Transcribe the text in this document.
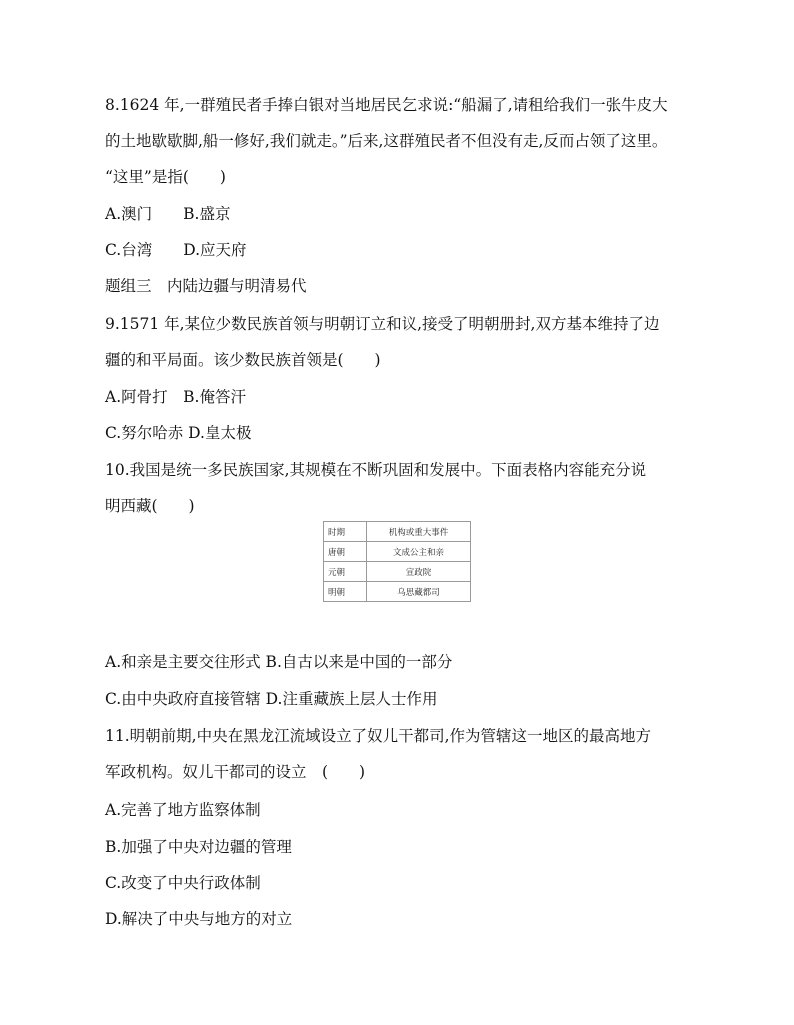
8.1624 年,一群殖民者手捧白银对当地居民乞求说:“船漏了,请租给我们一张牛皮大
的土地歇歇脚,船一修好,我们就走。”后来,这群殖民者不但没有走,反而占领了这里。
“这里”是指(　　)
A.澳门　　B.盛京
C.台湾　　D.应天府
题组三　内陆边疆与明清易代
9.1571 年,某位少数民族首领与明朝订立和议,接受了明朝册封,双方基本维持了边
疆的和平局面。该少数民族首领是(　　)
A.阿骨打　B.俺答汗
C.努尔哈赤 D.皇太极
10.我国是统一多民族国家,其规模在不断巩固和发展中。下面表格内容能充分说
明西藏(　　)
时期	机构或重大事件
唐朝	文成公主和亲
元朝	宣政院
明朝	乌思藏都司
A.和亲是主要交往形式 B.自古以来是中国的一部分
C.由中央政府直接管辖 D.注重藏族上层人士作用
11.明朝前期,中央在黑龙江流域设立了奴儿干都司,作为管辖这一地区的最高地方
军政机构。奴儿干都司的设立　(　　)
A.完善了地方监察体制
B.加强了中央对边疆的管理
C.改变了中央行政体制
D.解决了中央与地方的对立
